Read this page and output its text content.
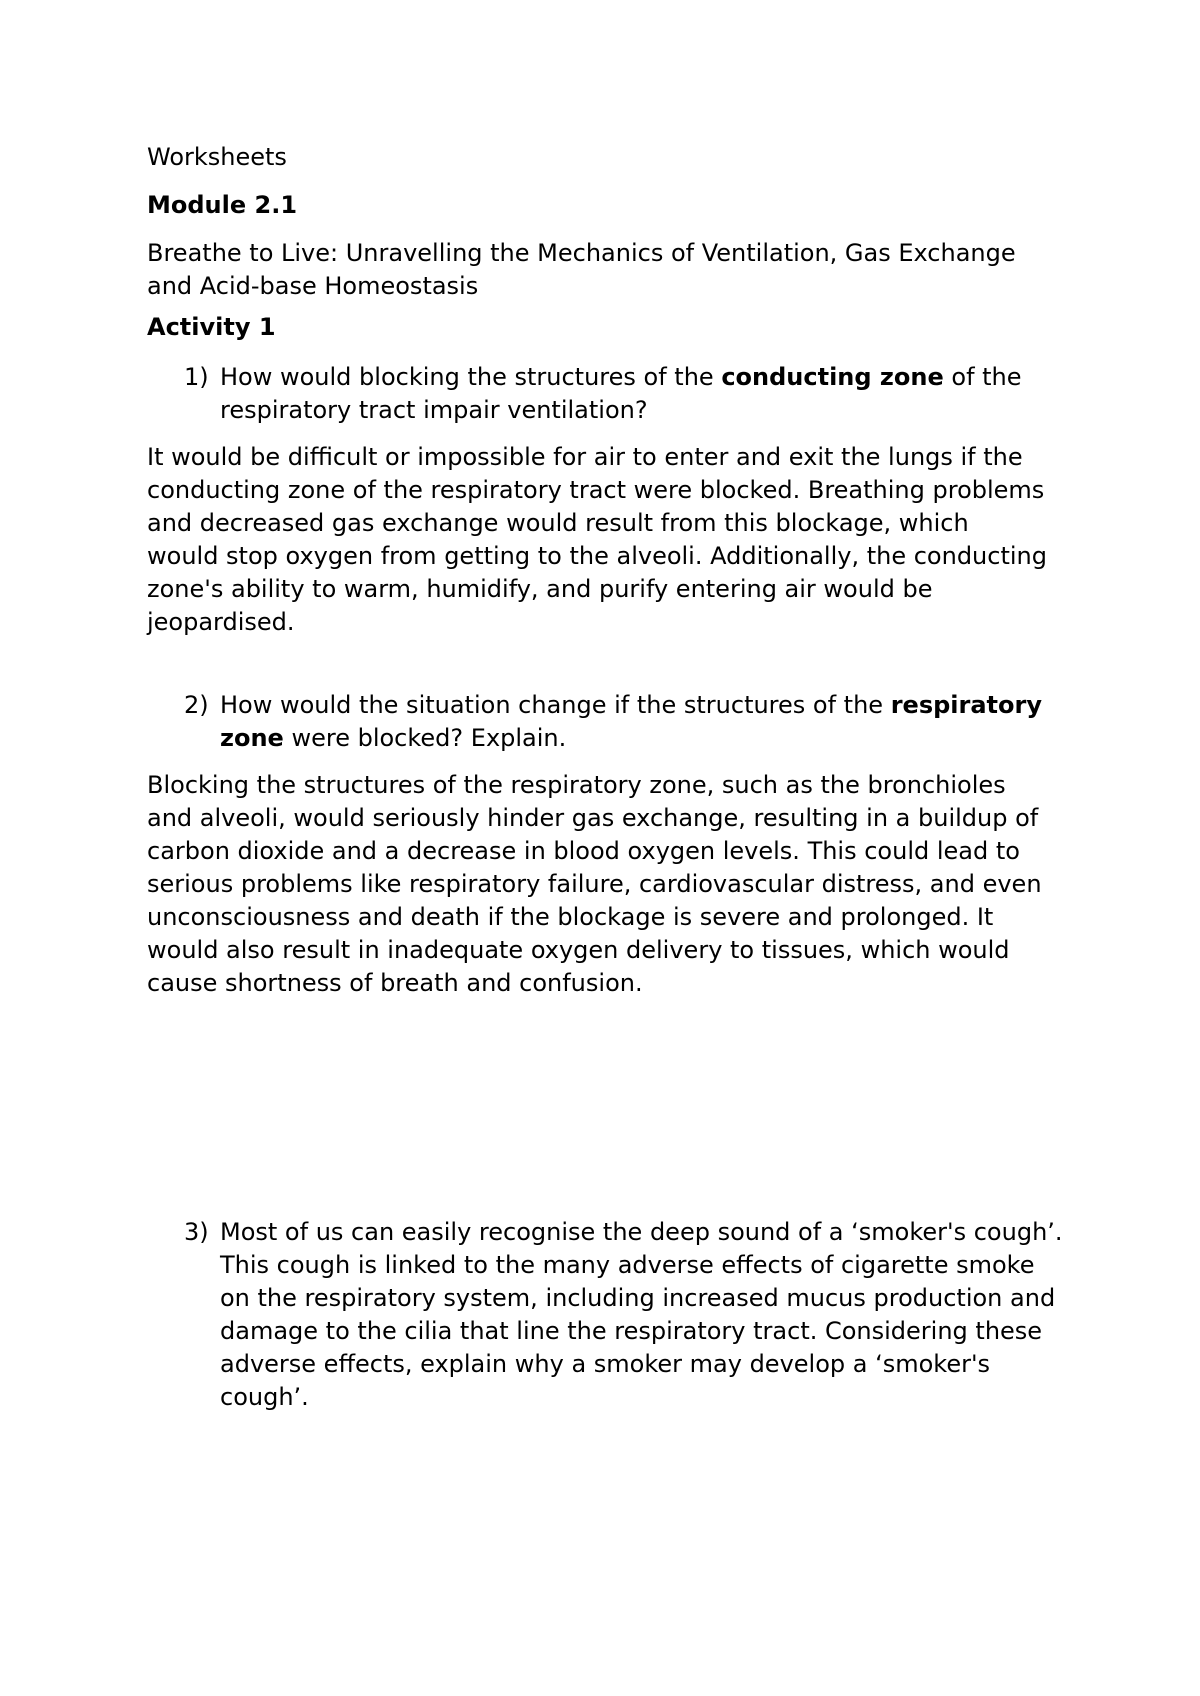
Worksheets

Module 2.1

Breathe to Live: Unravelling the Mechanics of Ventilation, Gas Exchange
and Acid-base Homeostasis

Activity 1

1) How would blocking the structures of the conducting zone of the respiratory tract impair ventilation?

It would be difficult or impossible for air to enter and exit the lungs if the conducting zone of the respiratory tract were blocked. Breathing problems and decreased gas exchange would result from this blockage, which would stop oxygen from getting to the alveoli. Additionally, the conducting zone's ability to warm, humidify, and purify entering air would be jeopardised.

2) How would the situation change if the structures of the respiratory zone were blocked? Explain.

Blocking the structures of the respiratory zone, such as the bronchioles and alveoli, would seriously hinder gas exchange, resulting in a buildup of carbon dioxide and a decrease in blood oxygen levels. This could lead to serious problems like respiratory failure, cardiovascular distress, and even unconsciousness and death if the blockage is severe and prolonged. It would also result in inadequate oxygen delivery to tissues, which would cause shortness of breath and confusion.

3) Most of us can easily recognise the deep sound of a ‘smoker's cough’. This cough is linked to the many adverse effects of cigarette smoke on the respiratory system, including increased mucus production and damage to the cilia that line the respiratory tract. Considering these adverse effects, explain why a smoker may develop a ‘smoker's cough’.
